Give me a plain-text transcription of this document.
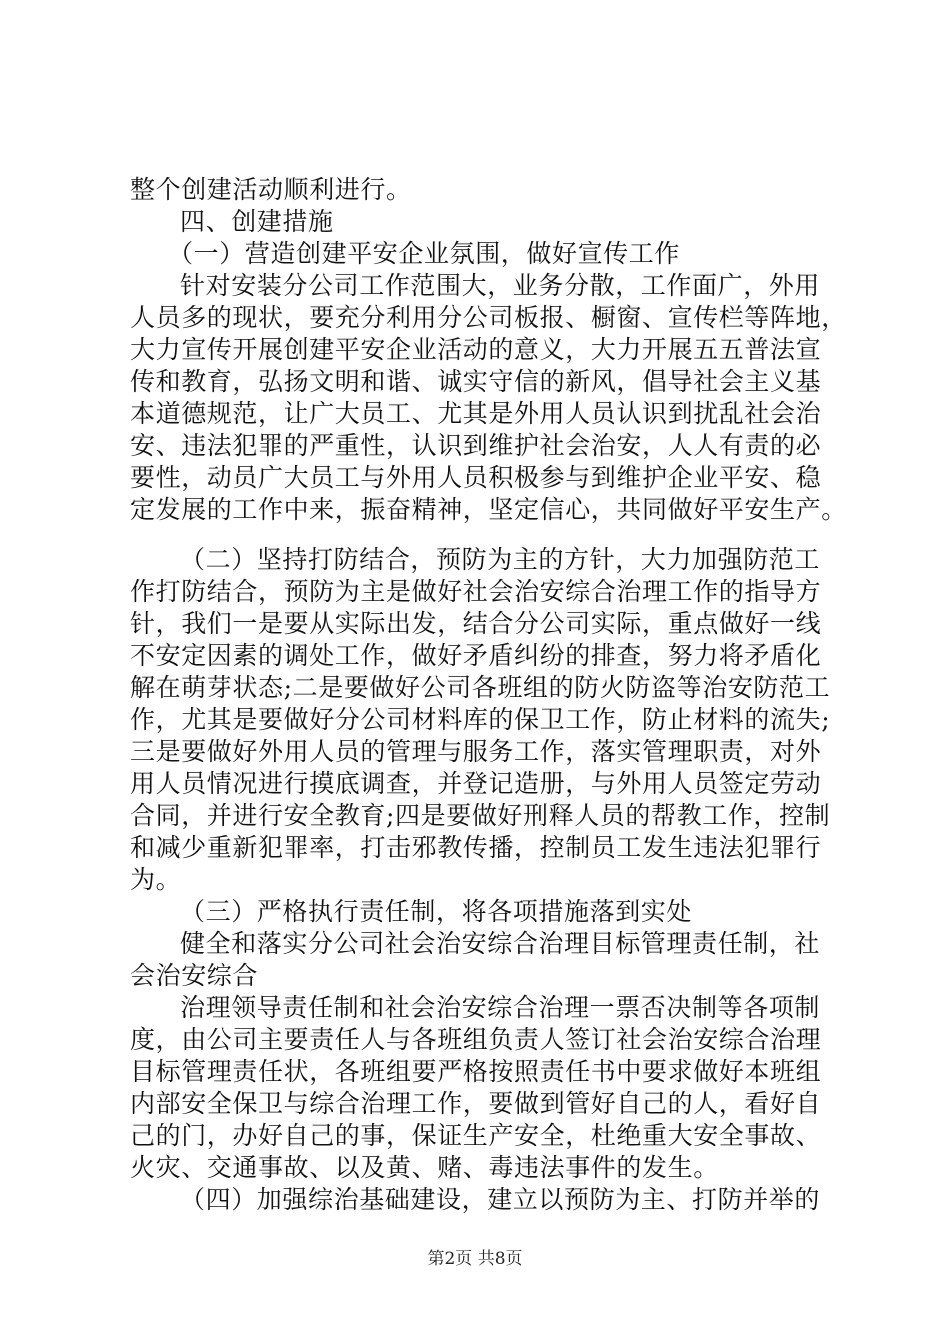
整个创建活动顺利进行。
四、创建措施
（一）营造创建平安企业氛围，做好宣传工作
针对安装分公司工作范围大，业务分散，工作面广，外用
人员多的现状，要充分利用分公司板报、橱窗、宣传栏等阵地，
大力宣传开展创建平安企业活动的意义，大力开展五五普法宣
传和教育，弘扬文明和谐、诚实守信的新风，倡导社会主义基
本道德规范，让广大员工、尤其是外用人员认识到扰乱社会治
安、违法犯罪的严重性，认识到维护社会治安，人人有责的必
要性，动员广大员工与外用人员积极参与到维护企业平安、稳
定发展的工作中来，振奋精神，坚定信心，共同做好平安生产。
（二）坚持打防结合，预防为主的方针，大力加强防范工
作打防结合，预防为主是做好社会治安综合治理工作的指导方
针，我们一是要从实际出发，结合分公司实际，重点做好一线
不安定因素的调处工作，做好矛盾纠纷的排查，努力将矛盾化
解在萌芽状态;二是要做好公司各班组的防火防盗等治安防范工
作，尤其是要做好分公司材料库的保卫工作，防止材料的流失;
三是要做好外用人员的管理与服务工作，落实管理职责，对外
用人员情况进行摸底调查，并登记造册，与外用人员签定劳动
合同，并进行安全教育;四是要做好刑释人员的帮教工作，控制
和减少重新犯罪率，打击邪教传播，控制员工发生违法犯罪行
为。
（三）严格执行责任制，将各项措施落到实处
健全和落实分公司社会治安综合治理目标管理责任制，社
会治安综合
治理领导责任制和社会治安综合治理一票否决制等各项制
度，由公司主要责任人与各班组负责人签订社会治安综合治理
目标管理责任状，各班组要严格按照责任书中要求做好本班组
内部安全保卫与综合治理工作，要做到管好自己的人，看好自
己的门，办好自己的事，保证生产安全，杜绝重大安全事故、
火灾、交通事故、以及黄、赌、毒违法事件的发生。
（四）加强综治基础建设，建立以预防为主、打防并举的
第2页 共8页
